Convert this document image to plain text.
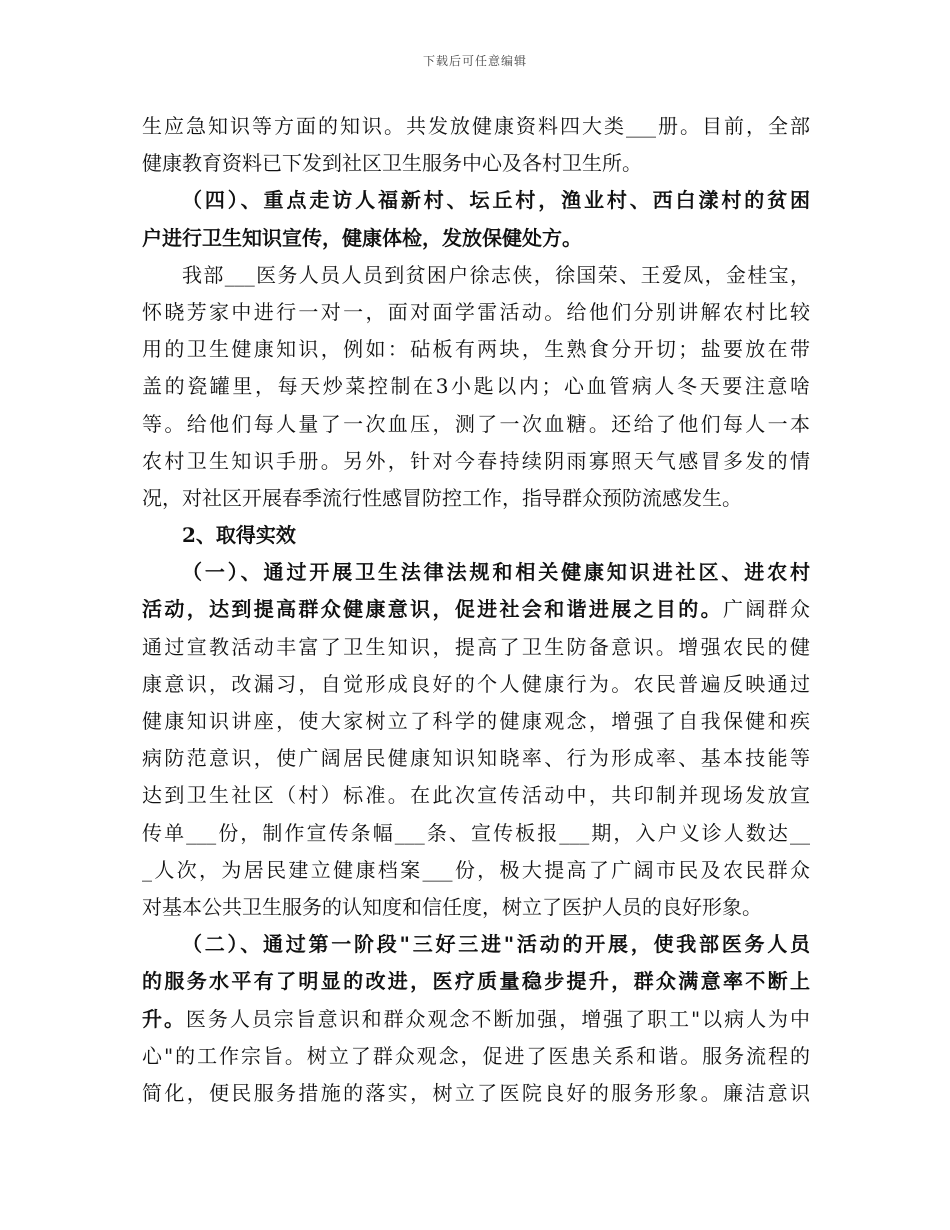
下载后可任意编辑
生应急知识等方面的知识。共发放健康资料四大类___册。目前，全部
健康教育资料已下发到社区卫生服务中心及各村卫生所。
（四）、重点走访人福新村、坛丘村，渔业村、西白漾村的贫困
户进行卫生知识宣传，健康体检，发放保健处方。
我部___医务人员人员到贫困户徐志侠，徐国荣、王爱凤，金桂宝，
怀晓芳家中进行一对一，面对面学雷活动。给他们分别讲解农村比较
用的卫生健康知识，例如：砧板有两块，生熟食分开切；盐要放在带
盖的瓷罐里，每天炒菜控制在3小匙以内；心血管病人冬天要注意啥
等。给他们每人量了一次血压，测了一次血糖。还给了他们每人一本
农村卫生知识手册。另外，针对今春持续阴雨寡照天气感冒多发的情
况，对社区开展春季流行性感冒防控工作，指导群众预防流感发生。
2、取得实效
（一）、通过开展卫生法律法规和相关健康知识进社区、进农村
活动，达到提高群众健康意识，促进社会和谐进展之目的。广阔群众
通过宣教活动丰富了卫生知识，提高了卫生防备意识。增强农民的健
康意识，改漏习，自觉形成良好的个人健康行为。农民普遍反映通过
健康知识讲座，使大家树立了科学的健康观念，增强了自我保健和疾
病防范意识，使广阔居民健康知识知晓率、行为形成率、基本技能等
达到卫生社区（村）标准。在此次宣传活动中，共印制并现场发放宣
传单___份，制作宣传条幅___条、宣传板报___期，入户义诊人数达__
_人次，为居民建立健康档案___份，极大提高了广阔市民及农民群众
对基本公共卫生服务的认知度和信任度，树立了医护人员的良好形象。
（二）、通过第一阶段"三好三进"活动的开展，使我部医务人员
的服务水平有了明显的改进，医疗质量稳步提升，群众满意率不断上
升。医务人员宗旨意识和群众观念不断加强，增强了职工"以病人为中
心"的工作宗旨。树立了群众观念，促进了医患关系和谐。服务流程的
简化，便民服务措施的落实，树立了医院良好的服务形象。廉洁意识
